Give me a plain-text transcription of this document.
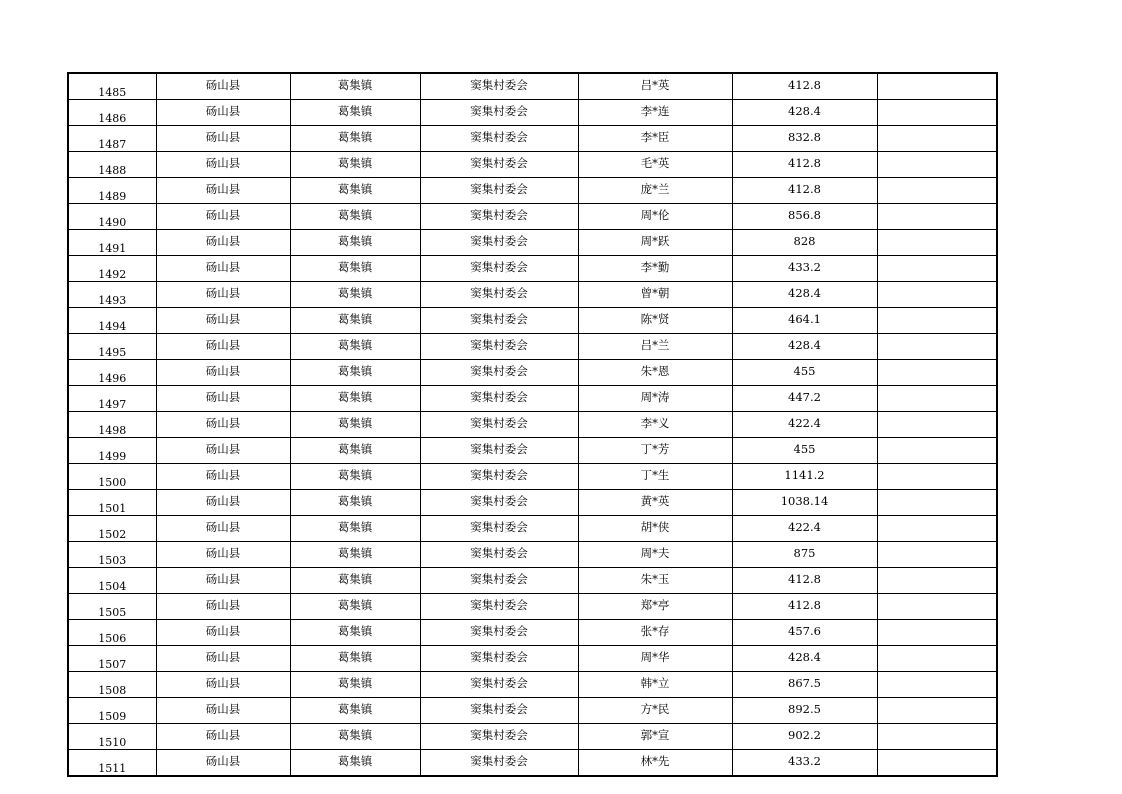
1485	砀山县	葛集镇	窦集村委会	吕*英	412.8	
1486	砀山县	葛集镇	窦集村委会	李*连	428.4	
1487	砀山县	葛集镇	窦集村委会	李*臣	832.8	
1488	砀山县	葛集镇	窦集村委会	毛*英	412.8	
1489	砀山县	葛集镇	窦集村委会	庞*兰	412.8	
1490	砀山县	葛集镇	窦集村委会	周*伦	856.8	
1491	砀山县	葛集镇	窦集村委会	周*跃	828	
1492	砀山县	葛集镇	窦集村委会	李*勤	433.2	
1493	砀山县	葛集镇	窦集村委会	曾*朝	428.4	
1494	砀山县	葛集镇	窦集村委会	陈*贤	464.1	
1495	砀山县	葛集镇	窦集村委会	吕*兰	428.4	
1496	砀山县	葛集镇	窦集村委会	朱*恩	455	
1497	砀山县	葛集镇	窦集村委会	周*涛	447.2	
1498	砀山县	葛集镇	窦集村委会	李*义	422.4	
1499	砀山县	葛集镇	窦集村委会	丁*芳	455	
1500	砀山县	葛集镇	窦集村委会	丁*生	1141.2	
1501	砀山县	葛集镇	窦集村委会	黄*英	1038.14	
1502	砀山县	葛集镇	窦集村委会	胡*侠	422.4	
1503	砀山县	葛集镇	窦集村委会	周*夫	875	
1504	砀山县	葛集镇	窦集村委会	朱*玉	412.8	
1505	砀山县	葛集镇	窦集村委会	郑*亭	412.8	
1506	砀山县	葛集镇	窦集村委会	张*存	457.6	
1507	砀山县	葛集镇	窦集村委会	周*华	428.4	
1508	砀山县	葛集镇	窦集村委会	韩*立	867.5	
1509	砀山县	葛集镇	窦集村委会	方*民	892.5	
1510	砀山县	葛集镇	窦集村委会	郭*宣	902.2	
1511	砀山县	葛集镇	窦集村委会	林*先	433.2	
